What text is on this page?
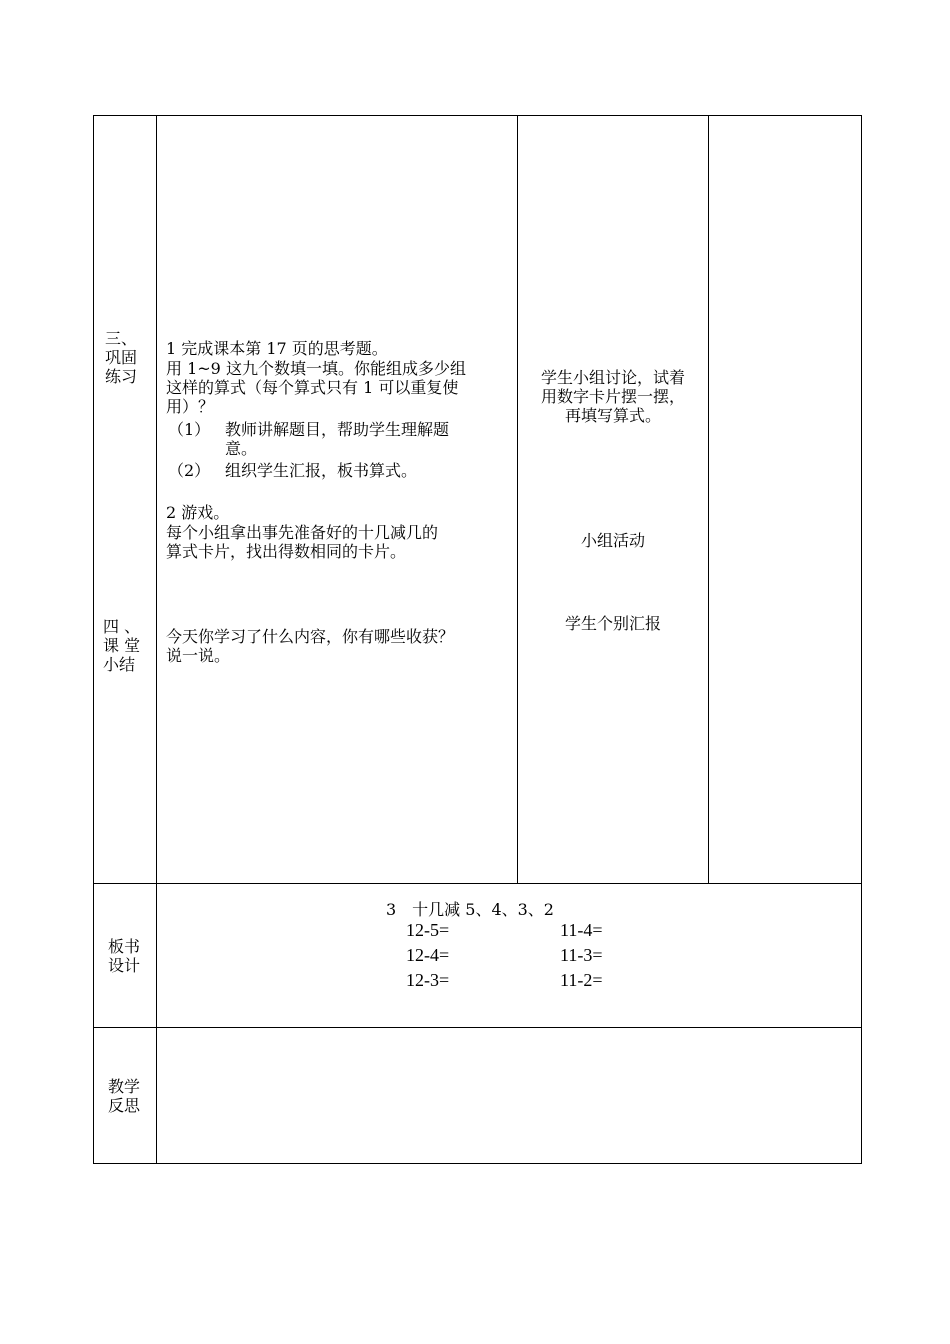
三、
巩固
练习
四 、
课 堂
小结
1 完成课本第 17 页的思考题。
用 1~9 这九个数填一填。你能组成多少组
这样的算式（每个算式只有 1 可以重复使
用）？
（1） 教师讲解题目，帮助学生理解题
意。
（2） 组织学生汇报，板书算式。
2 游戏。
每个小组拿出事先准备好的十几减几的
算式卡片，找出得数相同的卡片。
今天你学习了什么内容，你有哪些收获？
说一说。
学生小组讨论，试着
用数字卡片摆一摆，
再填写算式。
小组活动
学生个别汇报
板书
设计
3　十几减 5、4、3、2
12-5=
12-4=
12-3=
11-4=
11-3=
11-2=
教学
反思
